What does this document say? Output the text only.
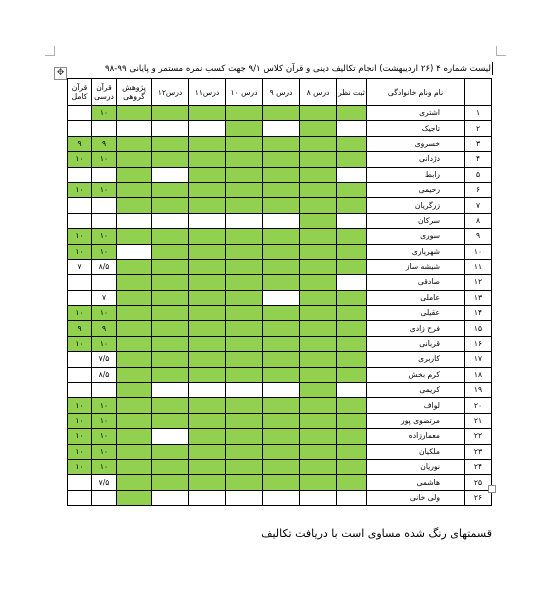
✥	لیست شماره ۴ (۲۶ اردیبهشت) انجام تکالیف دینی و قرآن کلاس ۹/۱ جهت کسب نمره مستمر و پایانی ۹۹-۹۸
	نام ونام خانوادگی	ثبت نظر	درس ۸	درس ۹	درس ۱۰	درس۱۱	درس۱۲	پژوهش گروهی	قرآن درسی	قرآن کامل
۱	اشتری								۱۰	
۲	تاجیک									
۳	خسروی								۹	۹
۴	دژدانی								۱۰	۱۰
۵	رابط									
۶	رحیمی								۱۰	۱۰
۷	زرگریان									
۸	سرکان									
۹	سوری								۱۰	۱۰
۱۰	شهریاری								۱۰	۱۰
۱۱	شیشه ساز								۸/۵	۷
۱۲	صادقی									
۱۳	عاملی								۷	
۱۴	عقیلی								۱۰	۱۰
۱۵	فرح زادی								۹	۹
۱۶	قربانی								۱۰	۱۰
۱۷	کاربری								۷/۵	
۱۸	کرم بخش								۸/۵	
۱۹	کریمی									
۲۰	لواف								۱۰	۱۰
۲۱	مرتضوی پور								۱۰	۱۰
۲۲	معمارزاده								۱۰	۱۰
۲۳	ملکیان								۱۰	۱۰
۲۴	نوریان								۱۰	۱۰
۲۵	هاشمی								۷/۵	
۲۶	ولی خانی									
قسمتهای رنگ شده مساوی است با دریافت تکالیف
